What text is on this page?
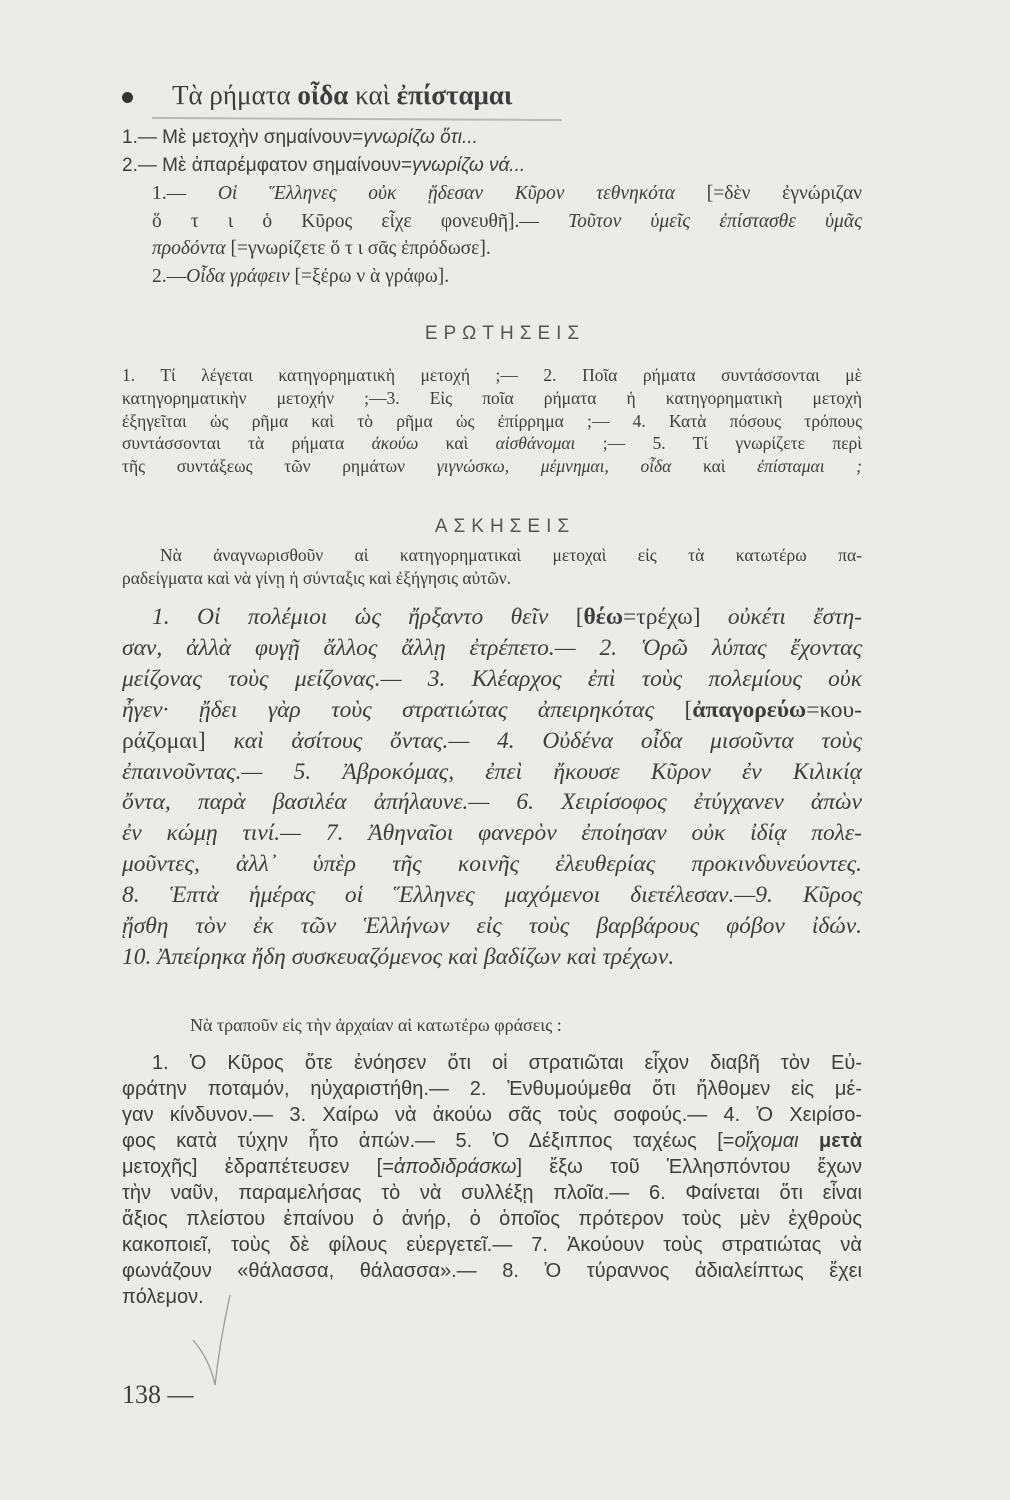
Τὰ ρήματα οἶδα καὶ ἐπίσταμαι
1.— Μὲ μετοχὴν σημαίνουν=γνωρίζω ὅτι...
2.— Μὲ ἀπαρέμφατον σημαίνουν=γνωρίζω νά...
1.— Οἱ Ἕλληνες οὐκ ᾔδεσαν Κῦρον τεθνηκότα [=δὲν ἐγνώριζαν
ὅ τ ι ὁ Κῦρος εἶχε φονευθῆ].— Τοῦτον ὑμεῖς ἐπίστασθε ὑμᾶς
προδόντα [=γνωρίζετε ὅ τ ι σᾶς ἐπρόδωσε].
2.—Οἶδα γράφειν [=ξέρω ν ὰ γράφω].
ΕΡΩΤΗΣΕΙΣ
1. Τί λέγεται κατηγορηματικὴ μετοχή ;— 2. Ποῖα ρήματα συντάσσονται μὲ
κατηγορηματικὴν μετοχήν ;—3. Εἰς ποῖα ρήματα ἡ κατηγορηματικὴ μετοχὴ
ἐξηγεῖται ὡς ρῆμα καὶ τὸ ρῆμα ὡς ἐπίρρημα ;— 4. Κατὰ πόσους τρόπους
συντάσσονται τὰ ρήματα ἀκούω καὶ αἰσθάνομαι ;— 5. Τί γνωρίζετε περὶ
τῆς συντάξεως τῶν ρημάτων γιγνώσκω, μέμνημαι, οἶδα καὶ ἐπίσταμαι ;
ΑΣΚΗΣΕΙΣ
Νὰ ἀναγνωρισθοῦν αἱ κατηγορηματικαὶ μετοχαὶ εἰς τὰ κατωτέρω πα-
ραδείγματα καὶ νὰ γίνῃ ἡ σύνταξις καὶ ἐξήγησις αὐτῶν.
1. Οἱ πολέμιοι ὡς ἤρξαντο θεῖν [θέω=τρέχω] οὐκέτι ἔστη-
σαν, ἀλλὰ φυγῇ ἄλλος ἄλλῃ ἐτρέπετο.— 2. Ὁρῶ λύπας ἔχοντας
μείζονας τοὺς μείζονας.— 3. Κλέαρχος ἐπὶ τοὺς πολεμίους οὐκ
ἦγεν· ᾔδει γὰρ τοὺς στρατιώτας ἀπειρηκότας [ἀπαγορεύω=κου-
ράζομαι] καὶ ἀσίτους ὄντας.— 4. Οὐδένα οἶδα μισοῦντα τοὺς
ἐπαινοῦντας.— 5. Ἀβροκόμας, ἐπεὶ ἤκουσε Κῦρον ἐν Κιλικίᾳ
ὄντα, παρὰ βασιλέα ἀπήλαυνε.— 6. Χειρίσοφος ἐτύγχανεν ἀπὼν
ἐν κώμῃ τινί.— 7. Ἀθηναῖοι φανερὸν ἐποίησαν οὐκ ἰδίᾳ πολε-
μοῦντες, ἀλλ᾽ ὑπὲρ τῆς κοινῆς ἐλευθερίας προκινδυνεύοντες.
8. Ἑπτὰ ἡμέρας οἱ Ἕλληνες μαχόμενοι διετέλεσαν.—9. Κῦρος
ᾔσθη τὸν ἐκ τῶν Ἑλλήνων εἰς τοὺς βαρβάρους φόβον ἰδών.
10. Ἀπείρηκα ἤδη συσκευαζόμενος καὶ βαδίζων καὶ τρέχων.
Νὰ τραποῦν εἰς τὴν ἀρχαίαν αἱ κατωτέρω φράσεις :
1. Ὁ Κῦρος ὅτε ἐνόησεν ὅτι οἱ στρατιῶται εἶχον διαβῆ τὸν Εὐ-
φράτην ποταμόν, ηὐχαριστήθη.— 2. Ἐνθυμούμεθα ὅτι ἤλθομεν εἰς μέ-
γαν κίνδυνον.— 3. Χαίρω νὰ ἀκούω σᾶς τοὺς σοφούς.— 4. Ὁ Χειρίσο-
φος κατὰ τύχην ἦτο ἀπών.— 5. Ὁ Δέξιππος ταχέως [=οἴχομαι μετὰ
μετοχῆς] ἐδραπέτευσεν [=ἀποδιδράσκω] ἔξω τοῦ Ἑλλησπόντου ἔχων
τὴν ναῦν, παραμελήσας τὸ νὰ συλλέξῃ πλοῖα.— 6. Φαίνεται ὅτι εἶναι
ἄξιος πλείστου ἐπαίνου ὁ ἀνήρ, ὁ ὁποῖος πρότερον τοὺς μὲν ἐχθροὺς
κακοποιεῖ, τοὺς δὲ φίλους εὐεργετεῖ.— 7. Ἀκούουν τοὺς στρατιώτας νὰ
φωνάζουν «θάλασσα, θάλασσα».— 8. Ὁ τύραννος ἀδιαλείπτως ἔχει
πόλεμον.
138 —
